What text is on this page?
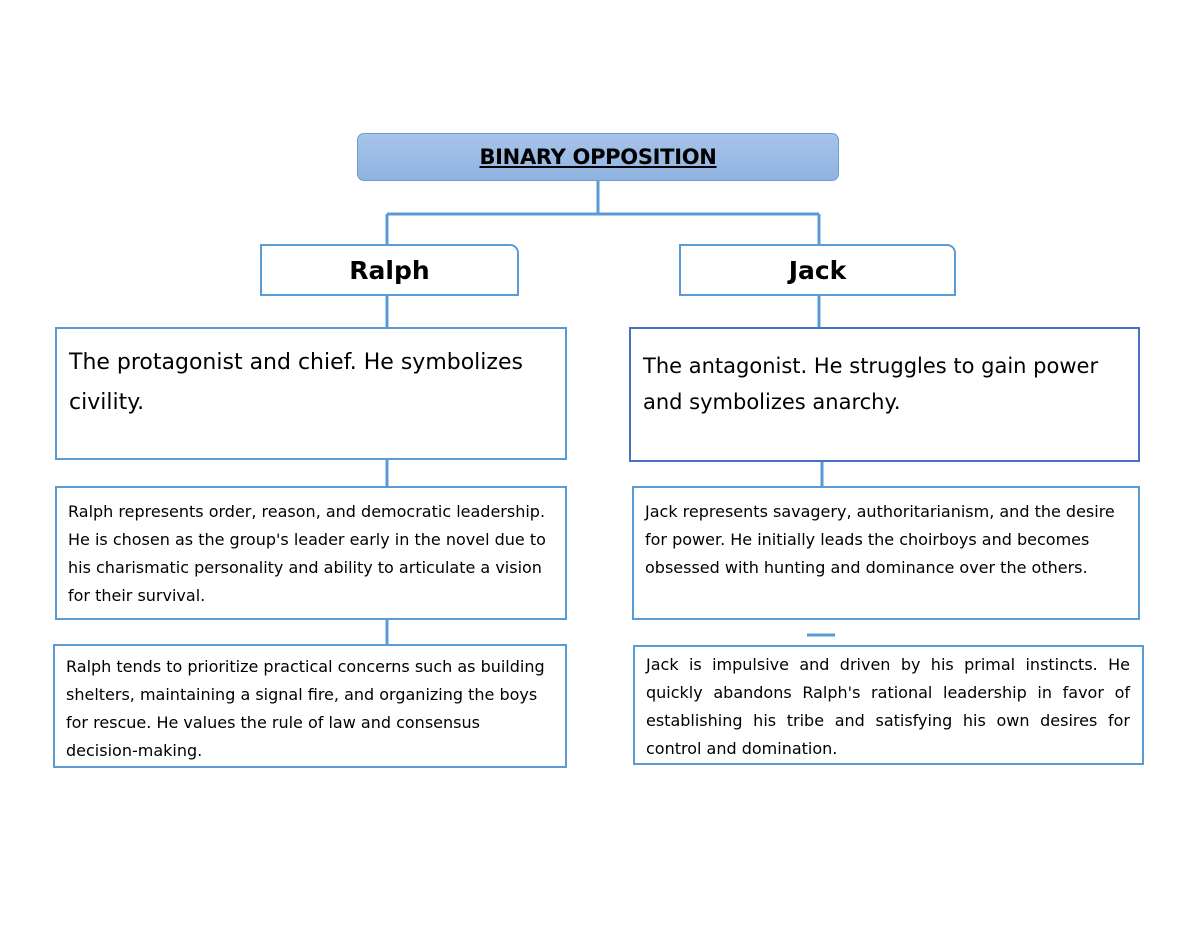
BINARY OPPOSITION
Ralph	Jack
The protagonist and chief. He symbolizes civility.
The antagonist. He struggles to gain power and symbolizes anarchy.
Ralph represents order, reason, and democratic leadership. He is chosen as the group's leader early in the novel due to his charismatic personality and ability to articulate a vision for their survival.
Jack represents savagery, authoritarianism, and the desire for power. He initially leads the choirboys and becomes obsessed with hunting and dominance over the others.
Ralph tends to prioritize practical concerns such as building shelters, maintaining a signal fire, and organizing the boys for rescue. He values the rule of law and consensus decision-making.
Jack is impulsive and driven by his primal instincts. He quickly abandons Ralph's rational leadership in favor of establishing his tribe and satisfying his own desires for control and domination.
